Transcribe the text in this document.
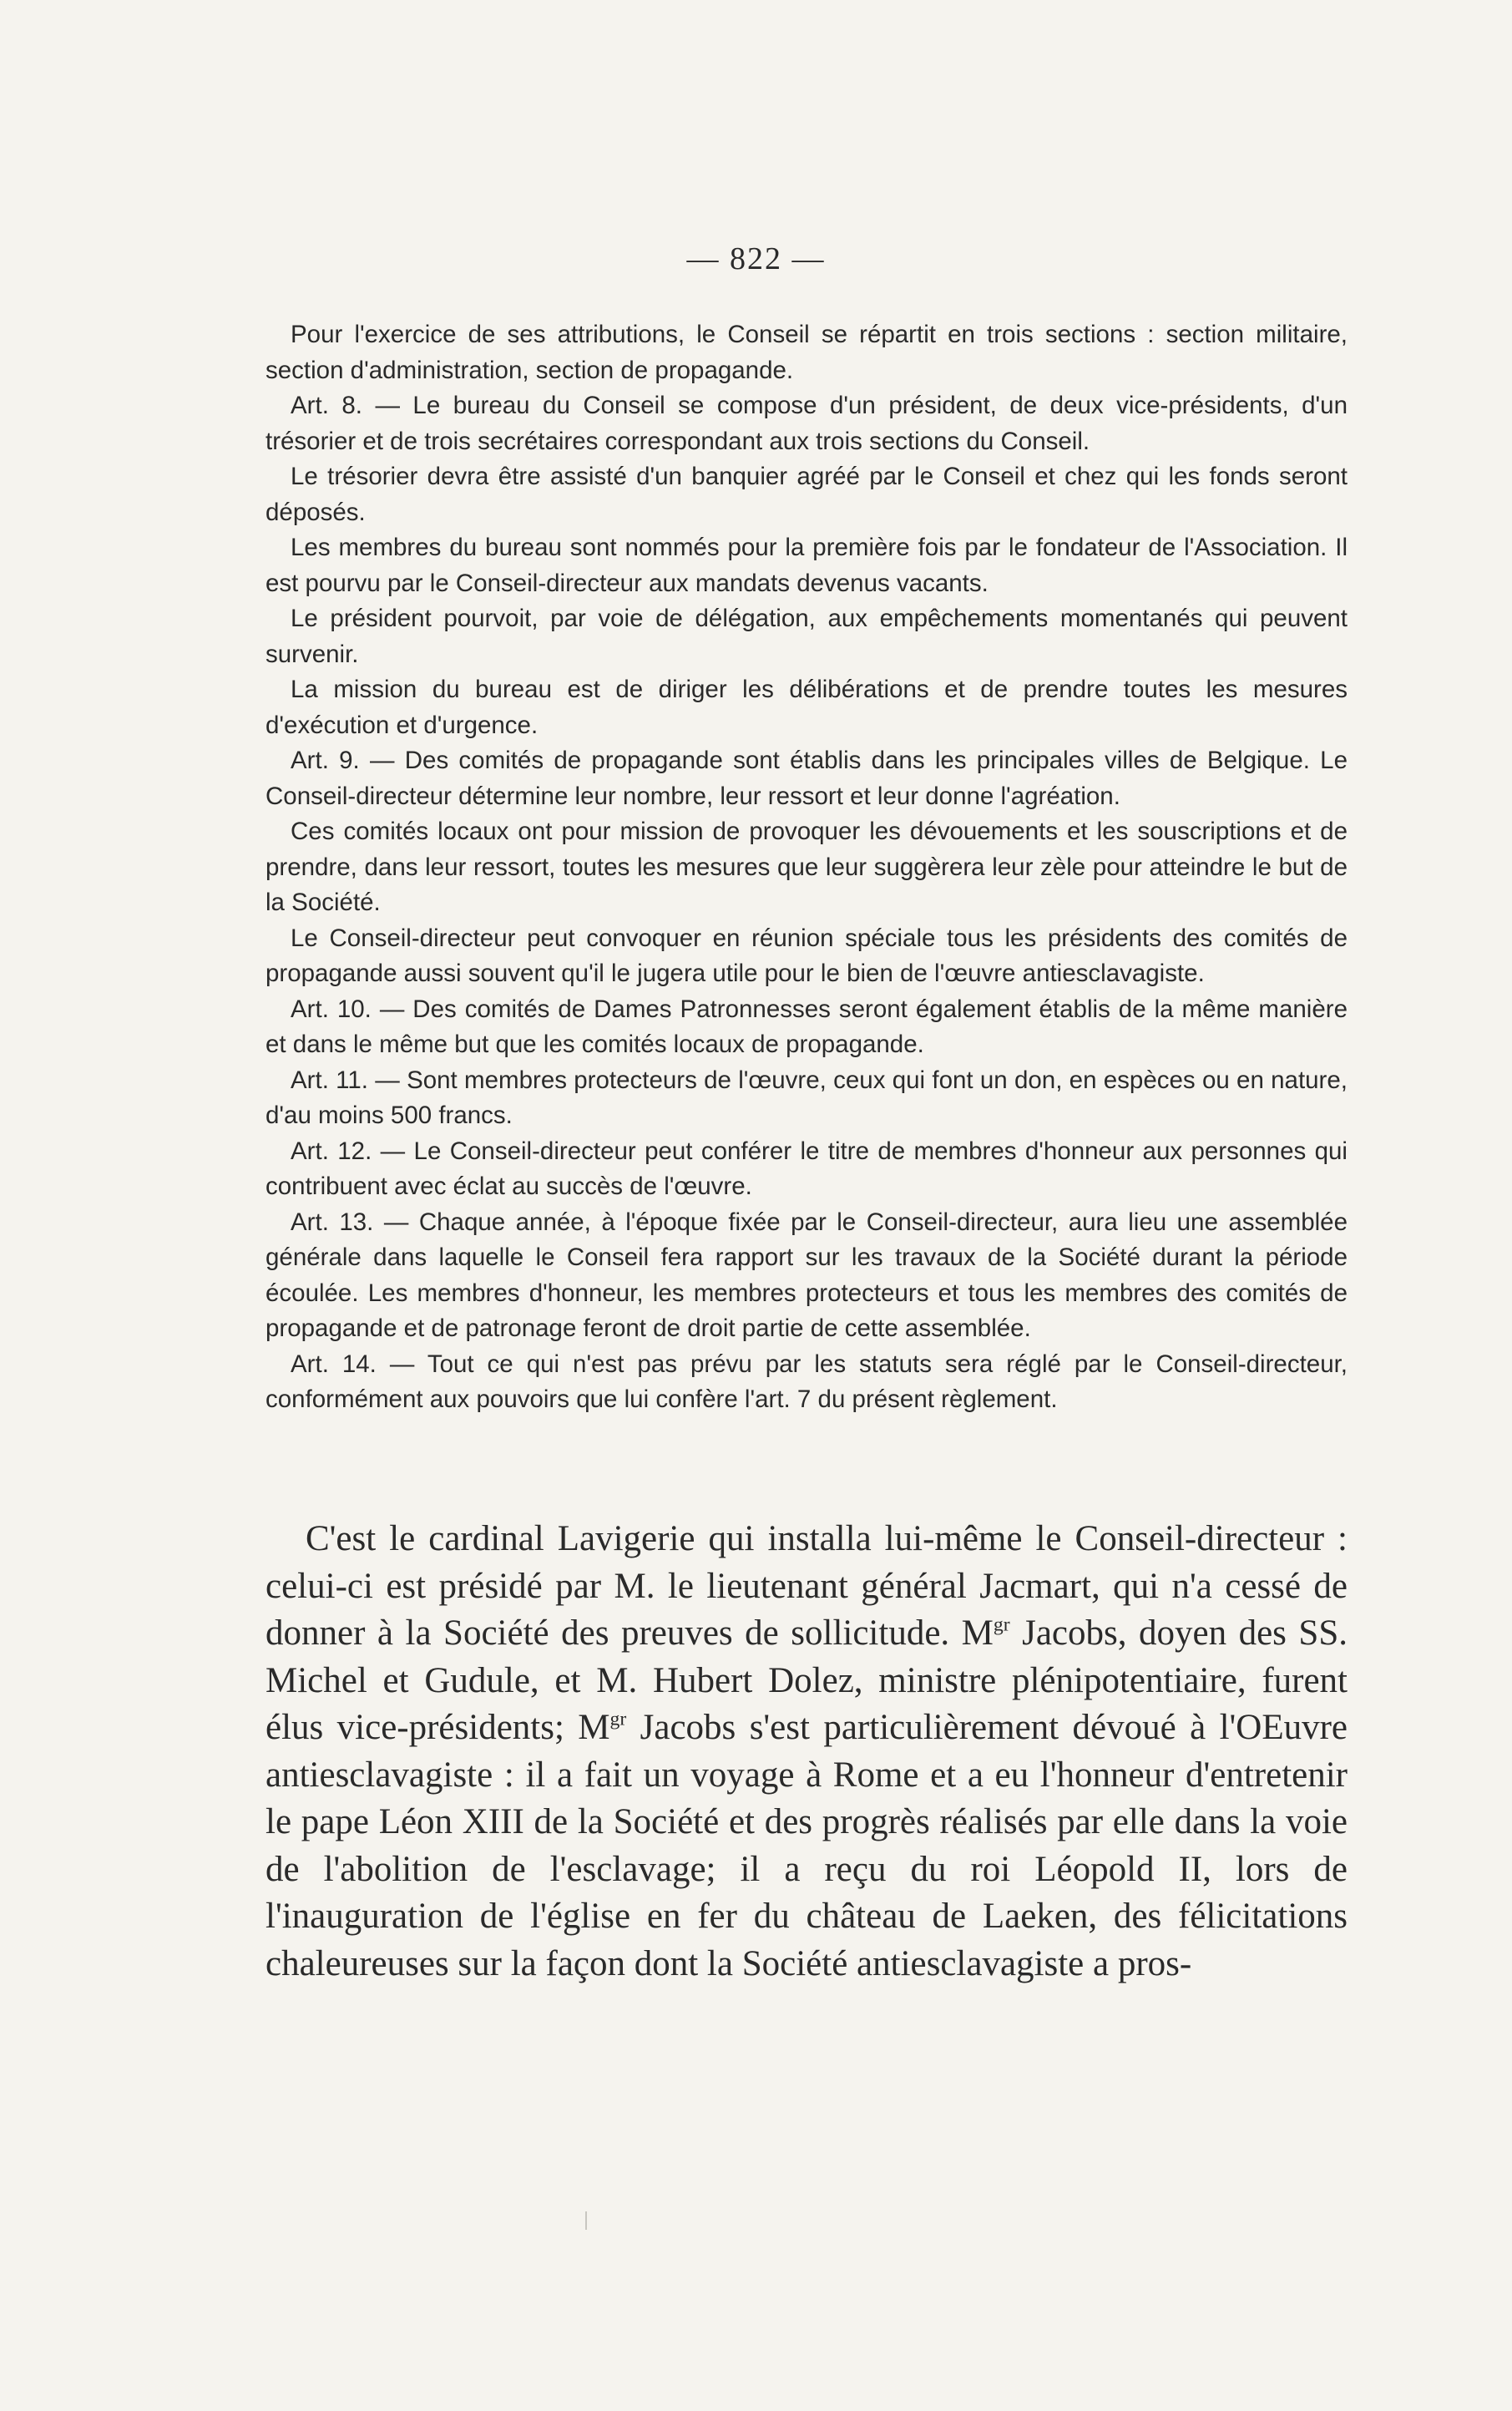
— 822 —

Pour l'exercice de ses attributions, le Conseil se répartit en trois sections : section militaire, section d'administration, section de propagande.

Art. 8. — Le bureau du Conseil se compose d'un président, de deux vice-présidents, d'un trésorier et de trois secrétaires correspondant aux trois sections du Conseil.

Le trésorier devra être assisté d'un banquier agréé par le Conseil et chez qui les fonds seront déposés.

Les membres du bureau sont nommés pour la première fois par le fondateur de l'Association. Il est pourvu par le Conseil-directeur aux mandats devenus vacants.

Le président pourvoit, par voie de délégation, aux empêchements momentanés qui peuvent survenir.

La mission du bureau est de diriger les délibérations et de prendre toutes les mesures d'exécution et d'urgence.

Art. 9. — Des comités de propagande sont établis dans les principales villes de Belgique. Le Conseil-directeur détermine leur nombre, leur ressort et leur donne l'agréation.

Ces comités locaux ont pour mission de provoquer les dévouements et les souscriptions et de prendre, dans leur ressort, toutes les mesures que leur suggèrera leur zèle pour atteindre le but de la Société.

Le Conseil-directeur peut convoquer en réunion spéciale tous les présidents des comités de propagande aussi souvent qu'il le jugera utile pour le bien de l'œuvre antiesclavagiste.

Art. 10. — Des comités de Dames Patronnesses seront également établis de la même manière et dans le même but que les comités locaux de propagande.

Art. 11. — Sont membres protecteurs de l'œuvre, ceux qui font un don, en espèces ou en nature, d'au moins 500 francs.

Art. 12. — Le Conseil-directeur peut conférer le titre de membres d'honneur aux personnes qui contribuent avec éclat au succès de l'œuvre.

Art. 13. — Chaque année, à l'époque fixée par le Conseil-directeur, aura lieu une assemblée générale dans laquelle le Conseil fera rapport sur les travaux de la Société durant la période écoulée. Les membres d'honneur, les membres protecteurs et tous les membres des comités de propagande et de patronage feront de droit partie de cette assemblée.

Art. 14. — Tout ce qui n'est pas prévu par les statuts sera réglé par le Conseil-directeur, conformément aux pouvoirs que lui confère l'art. 7 du présent règlement.

C'est le cardinal Lavigerie qui installa lui-même le Conseil-directeur : celui-ci est présidé par M. le lieutenant général Jacmart, qui n'a cessé de donner à la Société des preuves de sollicitude. $M^{gr}$ Jacobs, doyen des SS. Michel et Gudule, et M. Hubert Dolez, ministre plénipotentiaire, furent élus vice-présidents; $M^{gr}$ Jacobs s'est particulièrement dévoué à l'OEuvre antiesclavagiste : il a fait un voyage à Rome et a eu l'honneur d'entretenir le pape Léon XIII de la Société et des progrès réalisés par elle dans la voie de l'abolition de l'esclavage; il a reçu du roi Léopold II, lors de l'inauguration de l'église en fer du château de Laeken, des félicitations chaleureuses sur la façon dont la Société antiesclavagiste a pros-
